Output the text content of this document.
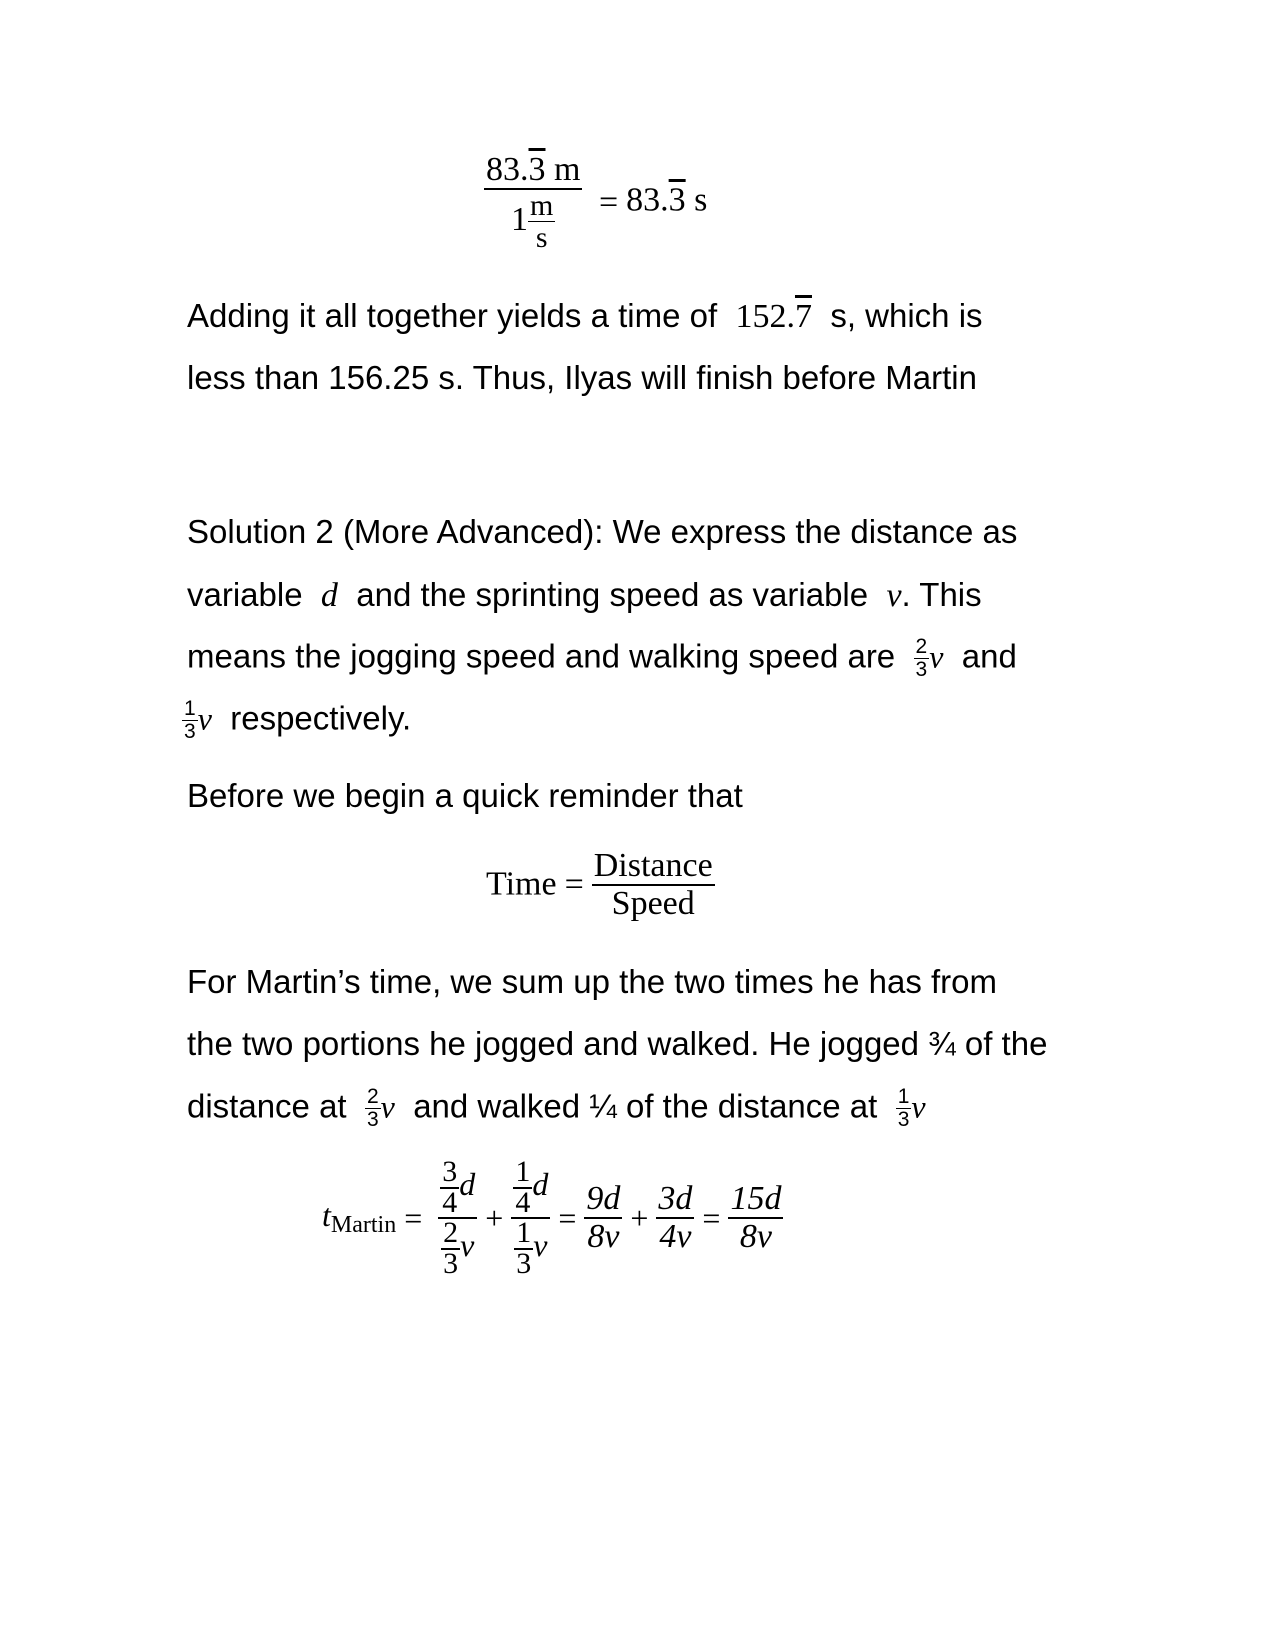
$\frac{83.3 m}{1 \frac{m}{s}} = 83.3$ s
Adding it all together yields a time of 152.7 s, which is
less than 156.25 s. Thus, Ilyas will finish before Martin
Solution 2 (More Advanced): We express the distance as
variable d and the sprinting speed as variable v. This
means the jogging speed and walking speed are $\frac{2}{3}$ v and
$\frac{1}{3}$ v respectively.
Before we begin a quick reminder that
Time = $\frac{\text{Distance}}{\text{Speed}}$
For Martin’s time, we sum up the two times he has from
the two portions he jogged and walked. He jogged ¾ of the
distance at $\frac{2}{3}$ v and walked ¼ of the distance at $\frac{1}{3}$ v
$t_{Martin} = \frac{\frac{3}{4} d}{\frac{2}{3} v} + \frac{\frac{1}{4} d}{\frac{1}{3} v} = \frac{9d}{8v} + \frac{3d}{4v} = \frac{15d}{8v}$
